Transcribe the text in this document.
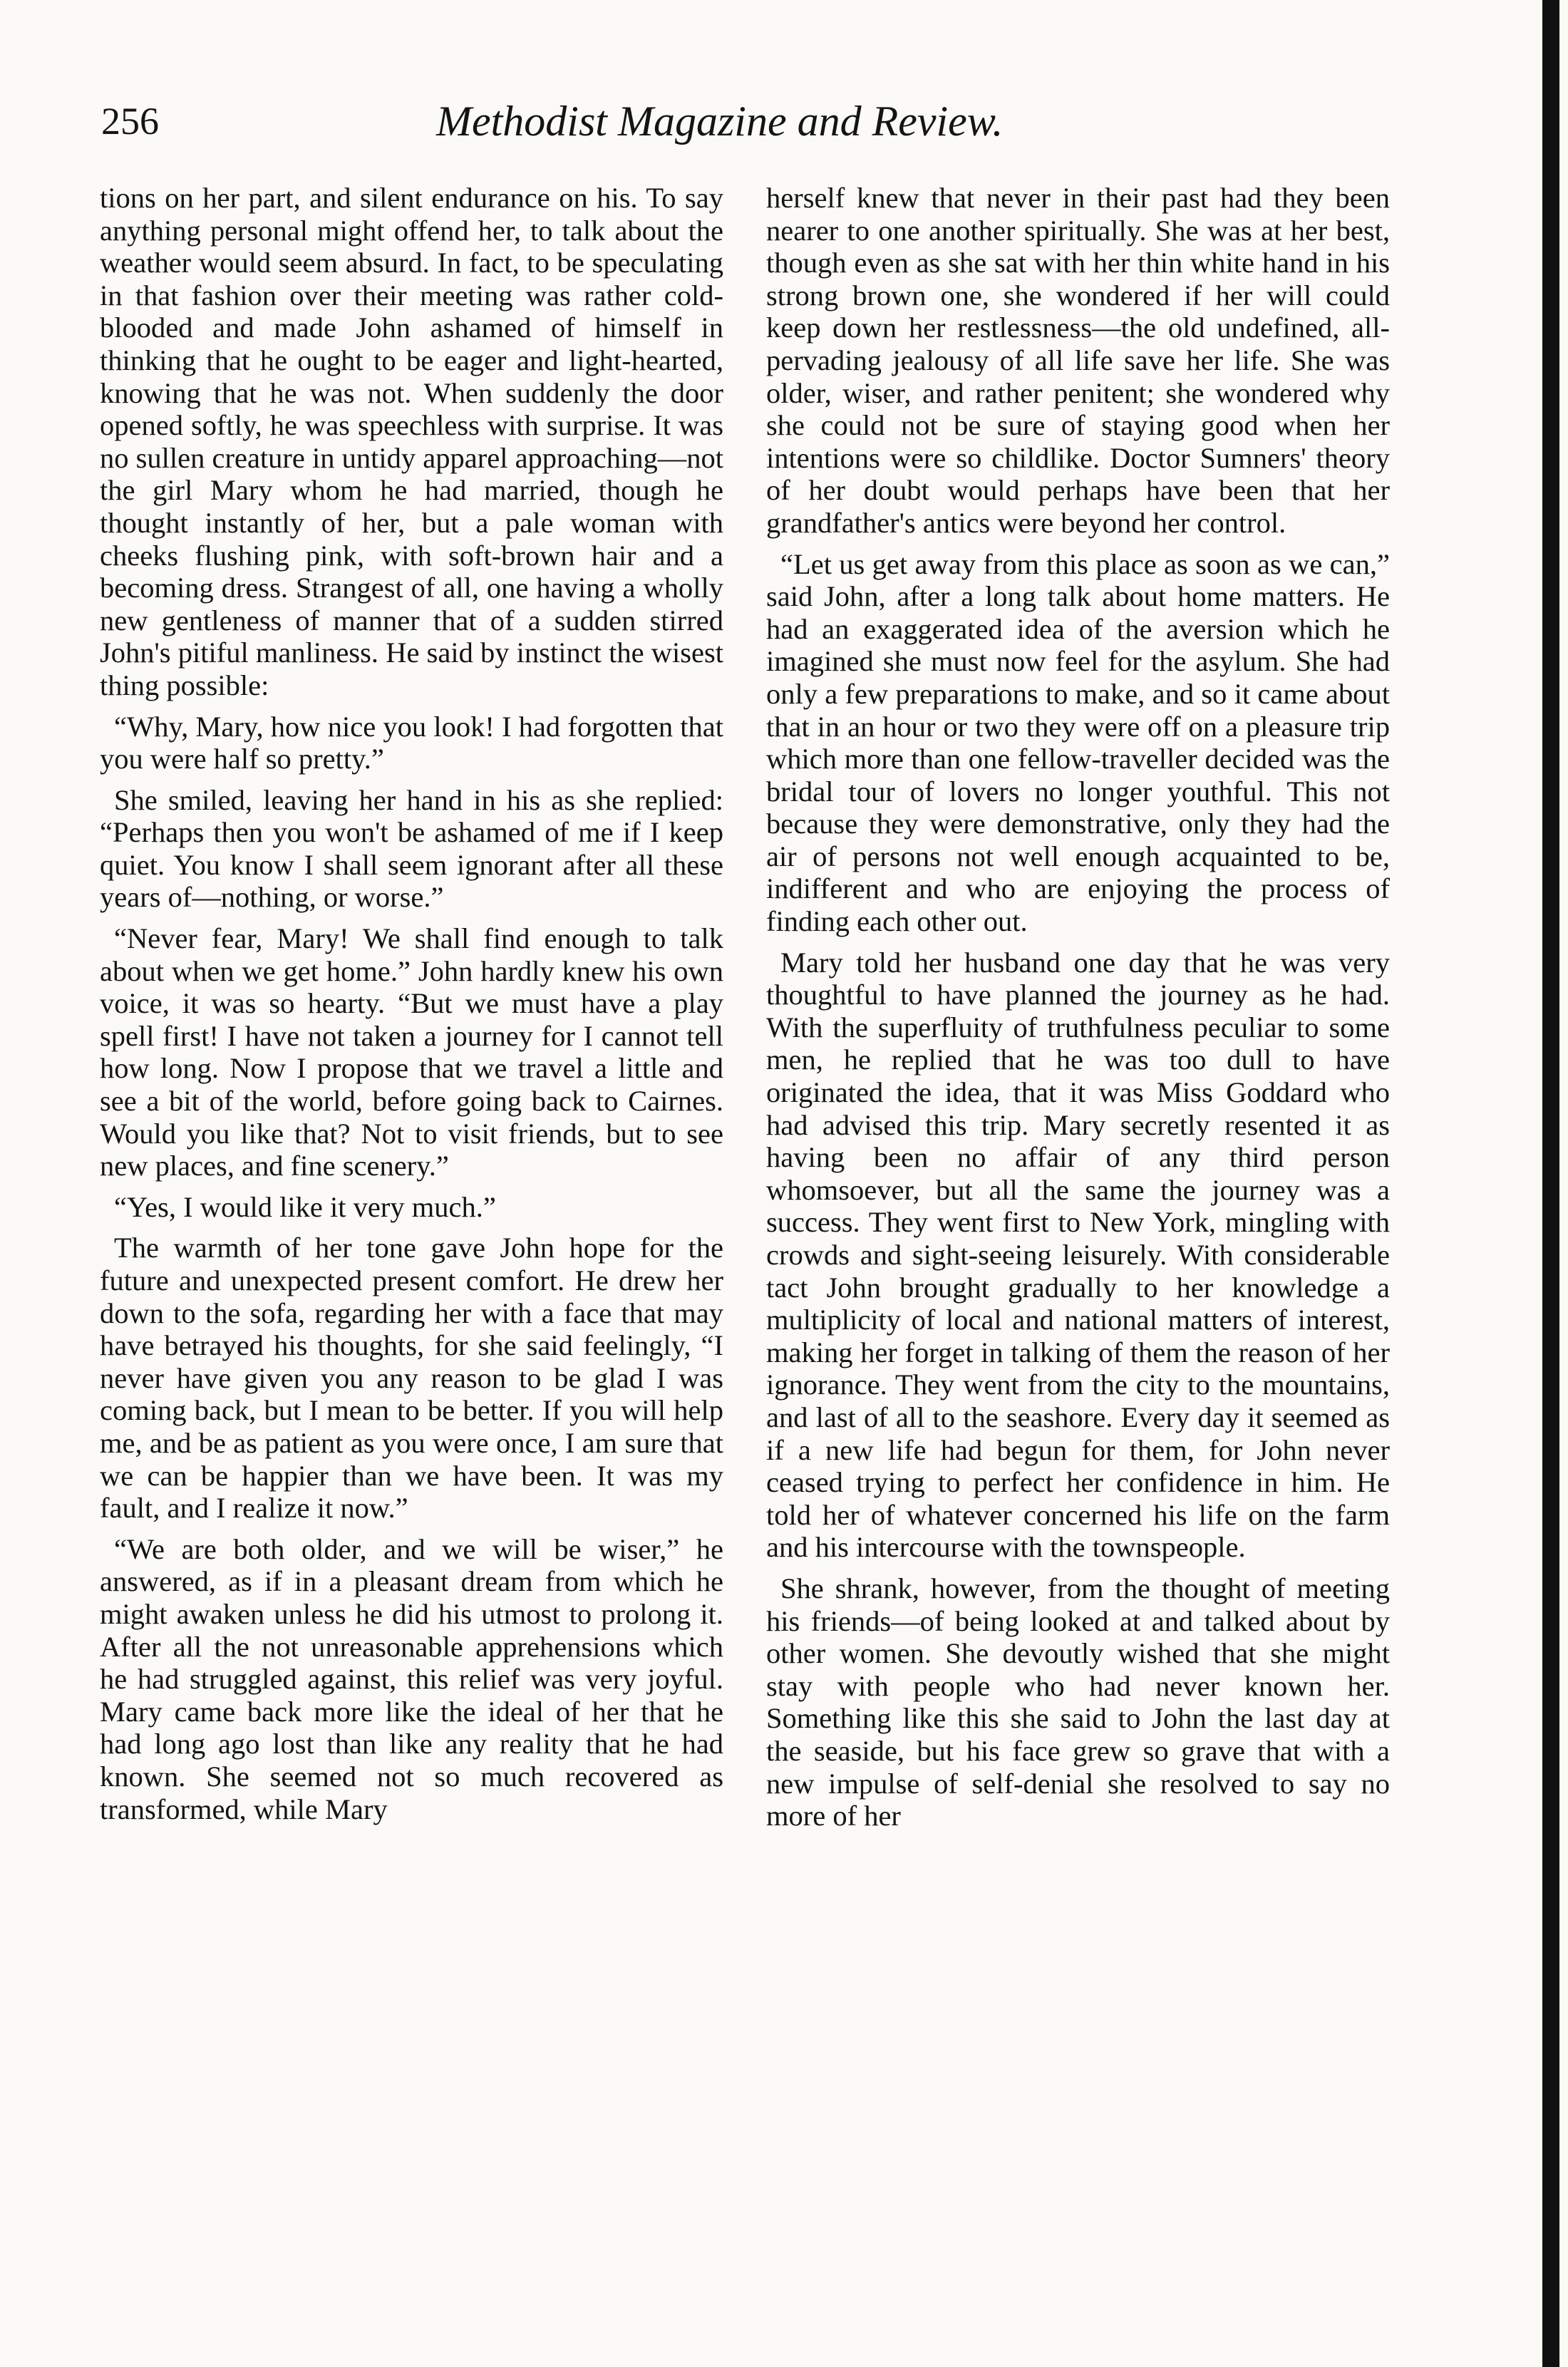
256	Methodist Magazine and Review.

tions on her part, and silent endurance on his. To say anything personal might offend her, to talk about the weather would seem absurd. In fact, to be speculating in that fashion over their meeting was rather cold-blooded and made John ashamed of himself in thinking that he ought to be eager and light-hearted, knowing that he was not. When suddenly the door opened softly, he was speechless with surprise. It was no sullen creature in untidy apparel approaching—not the girl Mary whom he had married, though he thought instantly of her, but a pale woman with cheeks flushing pink, with soft-brown hair and a becoming dress. Strangest of all, one having a wholly new gentleness of manner that of a sudden stirred John's pitiful manliness. He said by instinct the wisest thing possible:

“Why, Mary, how nice you look! I had forgotten that you were half so pretty.”

She smiled, leaving her hand in his as she replied: “Perhaps then you won't be ashamed of me if I keep quiet. You know I shall seem ignorant after all these years of—nothing, or worse.”

“Never fear, Mary! We shall find enough to talk about when we get home.” John hardly knew his own voice, it was so hearty. “But we must have a play spell first! I have not taken a journey for I cannot tell how long. Now I propose that we travel a little and see a bit of the world, before going back to Cairnes. Would you like that? Not to visit friends, but to see new places, and fine scenery.”

“Yes, I would like it very much.”

The warmth of her tone gave John hope for the future and unexpected present comfort. He drew her down to the sofa, regarding her with a face that may have betrayed his thoughts, for she said feelingly, “I never have given you any reason to be glad I was coming back, but I mean to be better. If you will help me, and be as patient as you were once, I am sure that we can be happier than we have been. It was my fault, and I realize it now.”

“We are both older, and we will be wiser,” he answered, as if in a pleasant dream from which he might awaken unless he did his utmost to prolong it. After all the not unreasonable apprehensions which he had struggled against, this relief was very joyful. Mary came back more like the ideal of her that he had long ago lost than like any reality that he had known. She seemed not so much recovered as transformed, while Mary

herself knew that never in their past had they been nearer to one another spiritually. She was at her best, though even as she sat with her thin white hand in his strong brown one, she wondered if her will could keep down her restlessness—the old undefined, all-pervading jealousy of all life save her life. She was older, wiser, and rather penitent; she wondered why she could not be sure of staying good when her intentions were so childlike. Doctor Sumners' theory of her doubt would perhaps have been that her grandfather's antics were beyond her control.

“Let us get away from this place as soon as we can,” said John, after a long talk about home matters. He had an exaggerated idea of the aversion which he imagined she must now feel for the asylum. She had only a few preparations to make, and so it came about that in an hour or two they were off on a pleasure trip which more than one fellow-traveller decided was the bridal tour of lovers no longer youthful. This not because they were demonstrative, only they had the air of persons not well enough acquainted to be, indifferent and who are enjoying the process of finding each other out.

Mary told her husband one day that he was very thoughtful to have planned the journey as he had. With the superfluity of truthfulness peculiar to some men, he replied that he was too dull to have originated the idea, that it was Miss Goddard who had advised this trip. Mary secretly resented it as having been no affair of any third person whomsoever, but all the same the journey was a success. They went first to New York, mingling with crowds and sight-seeing leisurely. With considerable tact John brought gradually to her knowledge a multiplicity of local and national matters of interest, making her forget in talking of them the reason of her ignorance. They went from the city to the mountains, and last of all to the seashore. Every day it seemed as if a new life had begun for them, for John never ceased trying to perfect her confidence in him. He told her of whatever concerned his life on the farm and his intercourse with the townspeople.

She shrank, however, from the thought of meeting his friends—of being looked at and talked about by other women. She devoutly wished that she might stay with people who had never known her. Something like this she said to John the last day at the seaside, but his face grew so grave that with a new impulse of self-denial she resolved to say no more of her
